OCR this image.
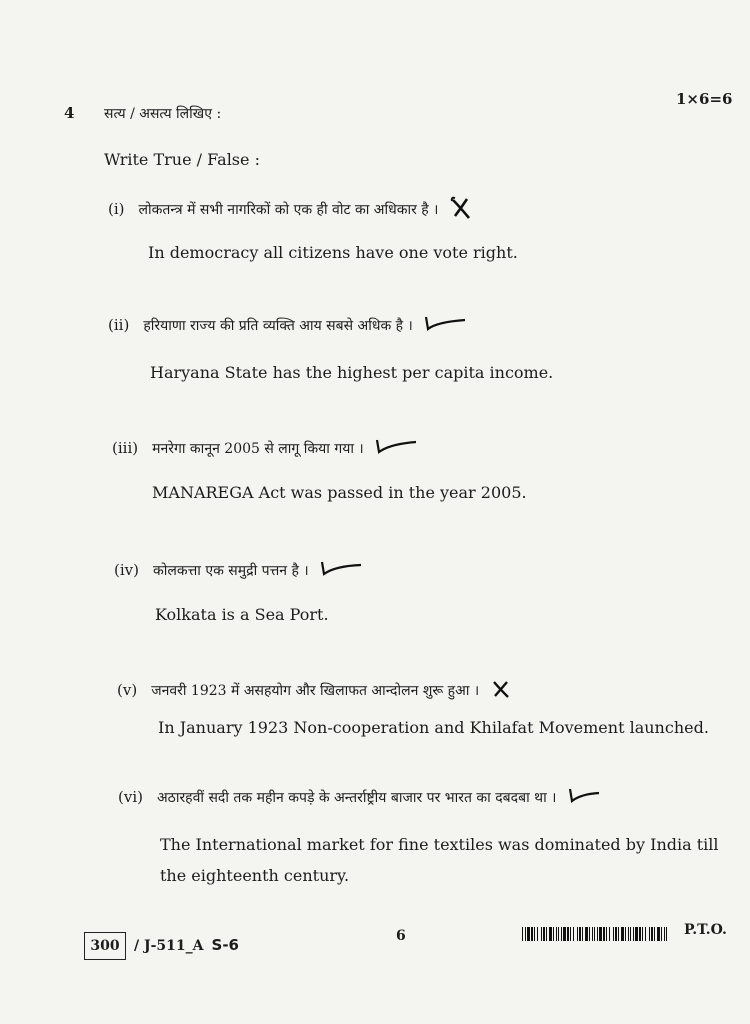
4 सत्य / असत्य लिखिए :
1×6=6
Write True / False :
(i) लोकतन्त्र में सभी नागरिकों को एक ही वोट का अधिकार है ।
In democracy all citizens have one vote right.
(ii) हरियाणा राज्य की प्रति व्यक्ति आय सबसे अधिक है ।
Haryana State has the highest per capita income.
(iii) मनरेगा कानून 2005 से लागू किया गया ।
MANAREGA Act was passed in the year 2005.
(iv) कोलकत्ता एक समुद्री पत्तन है ।
Kolkata is a Sea Port.
(v) जनवरी 1923 में असहयोग और खिलाफत आन्दोलन शुरू हुआ ।
In January 1923 Non-cooperation and Khilafat Movement launched.
(vi) अठारहवीं सदी तक महीन कपड़े के अन्तर्राष्ट्रीय बाजार पर भारत का दबदबा था ।
The International market for fine textiles was dominated by India till
the eighteenth century.
300	/ J-511_A S-6	6	P.T.O.
